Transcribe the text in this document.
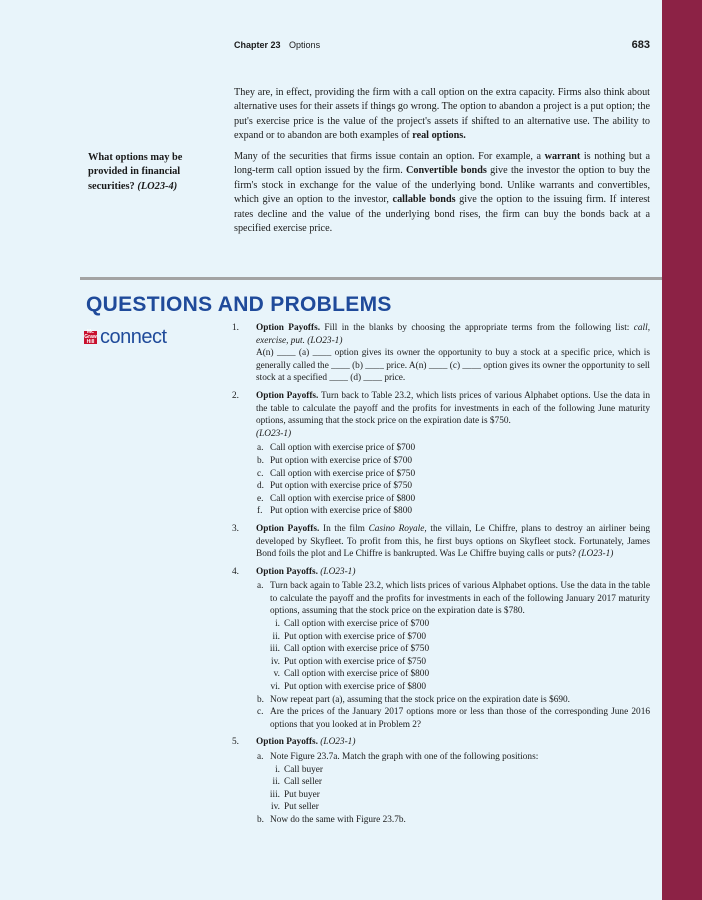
Chapter 23 Options	683

They are, in effect, providing the firm with a call option on the extra capacity. Firms also think about alternative uses for their assets if things go wrong. The option to abandon a project is a put option; the put's exercise price is the value of the project's assets if shifted to an alternative use. The ability to expand or to abandon are both examples of real options.

What options may be provided in financial securities? (LO23-4)

Many of the securities that firms issue contain an option. For example, a warrant is nothing but a long-term call option issued by the firm. Convertible bonds give the investor the option to buy the firm's stock in exchange for the value of the underlying bond. Unlike warrants and convertibles, which give an option to the investor, callable bonds give the option to the issuing firm. If interest rates decline and the value of the underlying bond rises, the firm can buy the bonds back at a specified exercise price.

QUESTIONS AND PROBLEMS
Mc Graw Hill connect	1. Option Payoffs. Fill in the blanks by choosing the appropriate terms from the following list: call, exercise, put. (LO23-1)
A(n) ____ (a) ____ option gives its owner the opportunity to buy a stock at a specific price, which is generally called the ____ (b) ____ price. A(n) ____ (c) ____ option gives its owner the opportunity to sell stock at a specified ____ (d) ____ price.
2. Option Payoffs. Turn back to Table 23.2, which lists prices of various Alphabet options. Use the data in the table to calculate the payoff and the profits for investments in each of the following June maturity options, assuming that the stock price on the expiration date is $750.
(LO23-1)
a. Call option with exercise price of $700
b. Put option with exercise price of $700
c. Call option with exercise price of $750
d. Put option with exercise price of $750
e. Call option with exercise price of $800
f. Put option with exercise price of $800
3. Option Payoffs. In the film Casino Royale, the villain, Le Chiffre, plans to destroy an airliner being developed by Skyfleet. To profit from this, he first buys options on Skyfleet stock. Fortunately, James Bond foils the plot and Le Chiffre is bankrupted. Was Le Chiffre buying calls or puts? (LO23-1)
4. Option Payoffs. (LO23-1)
a. Turn back again to Table 23.2, which lists prices of various Alphabet options. Use the data in the table to calculate the payoff and the profits for investments in each of the following January 2017 maturity options, assuming that the stock price on the expiration date is $780.
i. Call option with exercise price of $700
ii. Put option with exercise price of $700
iii. Call option with exercise price of $750
iv. Put option with exercise price of $750
v. Call option with exercise price of $800
vi. Put option with exercise price of $800
b. Now repeat part (a), assuming that the stock price on the expiration date is $690.
c. Are the prices of the January 2017 options more or less than those of the corresponding June 2016 options that you looked at in Problem 2?
5. Option Payoffs. (LO23-1)
a. Note Figure 23.7a. Match the graph with one of the following positions:
i. Call buyer
ii. Call seller
iii. Put buyer
iv. Put seller
b. Now do the same with Figure 23.7b.
